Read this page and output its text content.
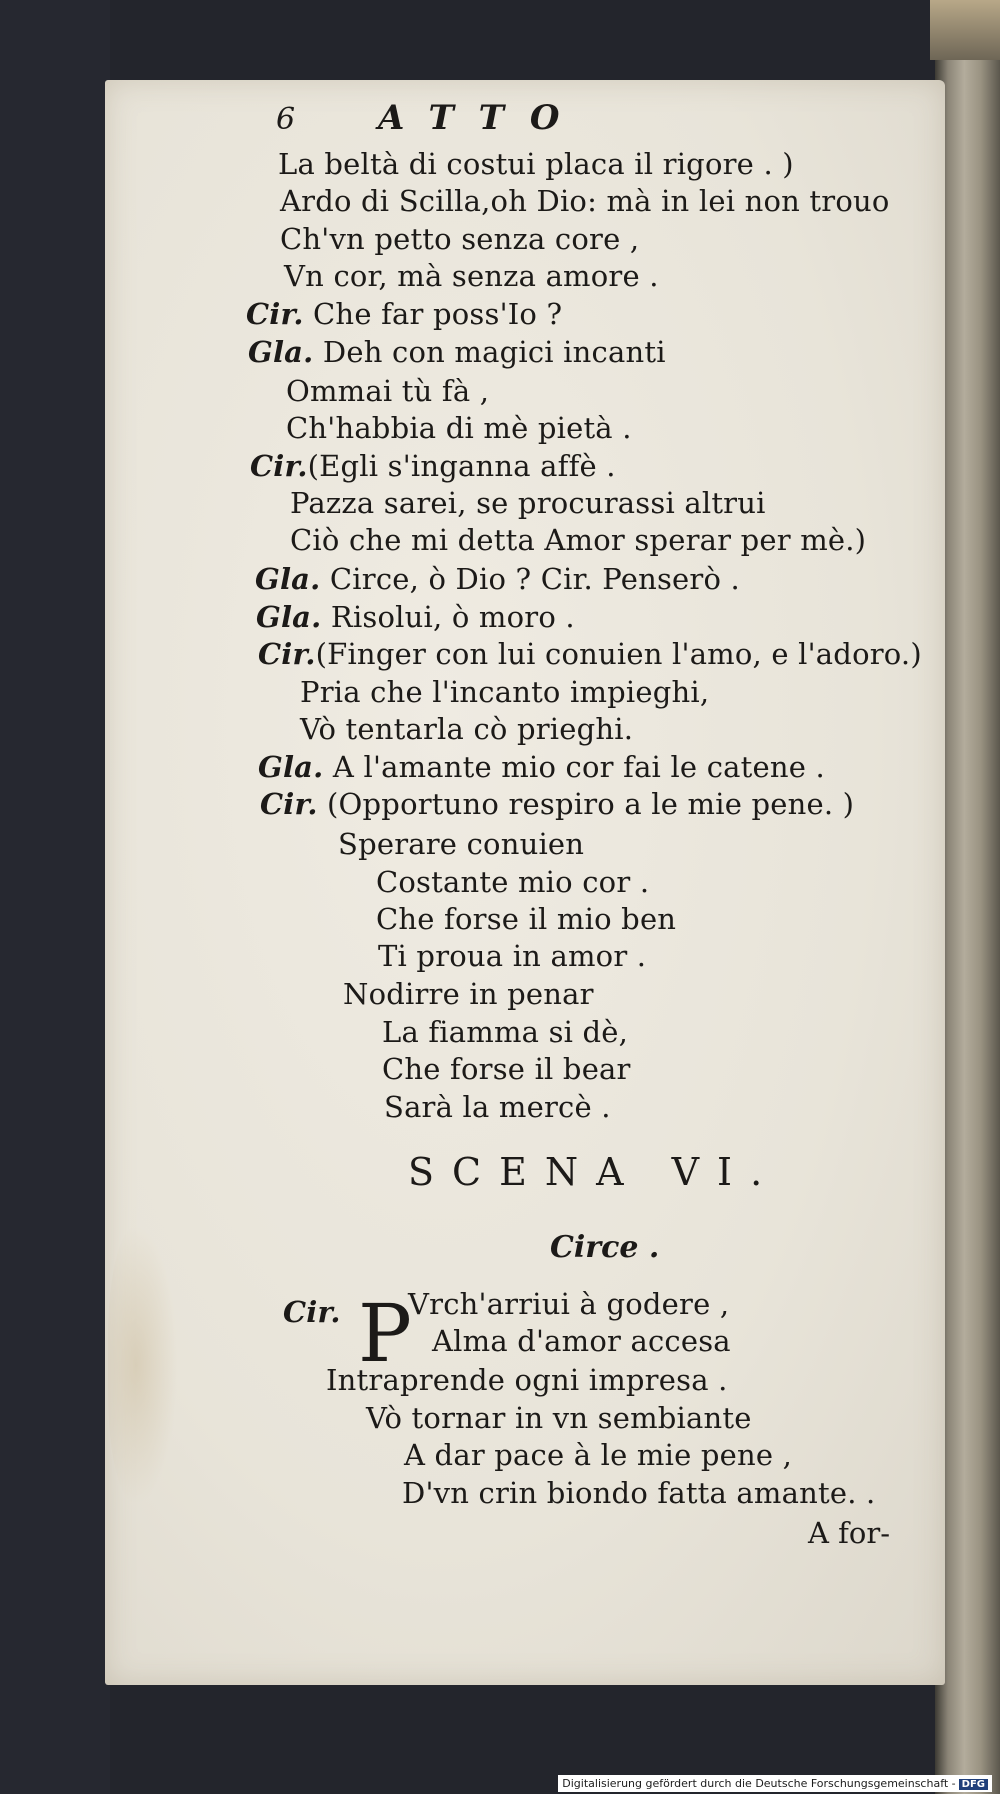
6 ATTO
La beltà di costui placa il rigore . )
Ardo di Scilla,oh Dio: mà in lei non trouo
Ch'vn petto senza core ,
Vn cor, mà senza amore .
Cir. Che far poss'Io ?
Gla. Deh con magici incanti
Ommai tù fà ,
Ch'habbia di mè pietà .
Cir.(Egli s'inganna affè .
Pazza sarei, se procurassi altrui
Ciò che mi detta Amor sperar per mè.)
Gla. Circe, ò Dio ? Cir. Penserò .
Gla. Risolui, ò moro .
Cir.(Finger con lui conuien l'amo, e l'adoro.)
Pria che l'incanto impieghi,
Vò tentarla cò prieghi.
Gla. A l'amante mio cor fai le catene .
Cir. (Opportuno respiro a le mie pene. )
Sperare conuien
Costante mio cor .
Che forse il mio ben
Ti proua in amor .
Nodirre in penar
La fiamma si dè,
Che forse il bear
Sarà la mercè .
SCENA VI.
Circe .
Cir. P
Vrch'arriui à godere ,
Alma d'amor accesa
Intraprende ogni impresa .
Vò tornar in vn sembiante
A dar pace à le mie pene ,
D'vn crin biondo fatta amante. .
A for-
Digitalisierung gefördert durch die Deutsche Forschungsgemeinschaft - DFG
